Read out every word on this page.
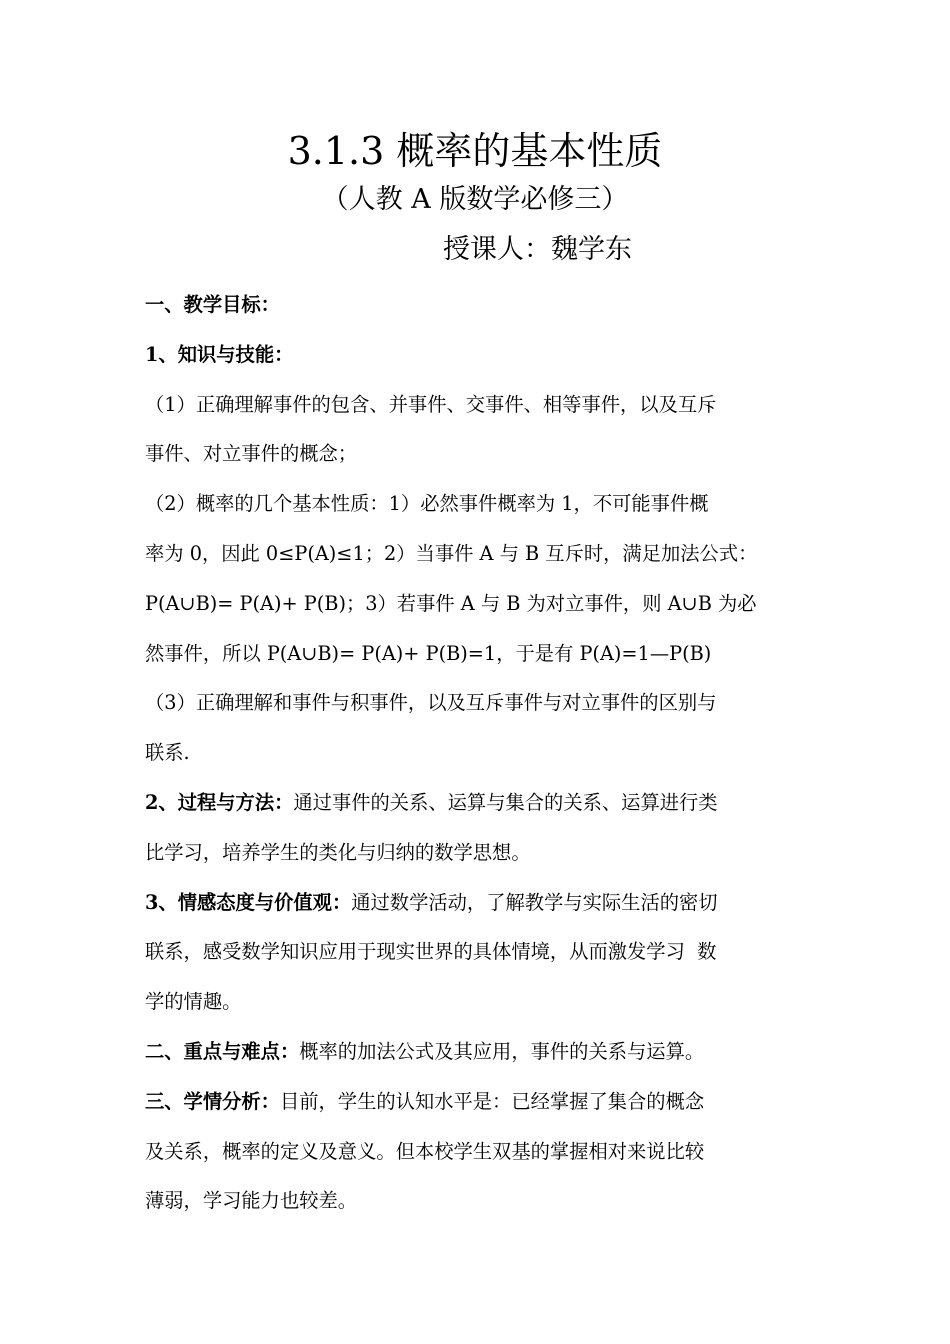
3.1.3 概率的基本性质
（人教 A 版数学必修三）
授课人：魏学东

一、教学目标：

1、知识与技能：

（1）正确理解事件的包含、并事件、交事件、相等事件，以及互斥

事件、对立事件的概念；

（2）概率的几个基本性质：1）必然事件概率为 1，不可能事件概

率为 0，因此 0≤P(A)≤1；2）当事件 A 与 B 互斥时，满足加法公式：

P(A∪B)= P(A)+ P(B)；3）若事件 A 与 B 为对立事件，则 A∪B 为必

然事件，所以 P(A∪B)= P(A)+ P(B)=1，于是有 P(A)=1—P(B)

（3）正确理解和事件与积事件，以及互斥事件与对立事件的区别与

联系.

2、过程与方法：通过事件的关系、运算与集合的关系、运算进行类

比学习，培养学生的类化与归纳的数学思想。

3、情感态度与价值观：通过数学活动，了解教学与实际生活的密切

联系，感受数学知识应用于现实世界的具体情境，从而激发学习  数

学的情趣。

二、重点与难点：概率的加法公式及其应用，事件的关系与运算。

三、学情分析：目前，学生的认知水平是：已经掌握了集合的概念

及关系，概率的定义及意义。但本校学生双基的掌握相对来说比较

薄弱，学习能力也较差。
